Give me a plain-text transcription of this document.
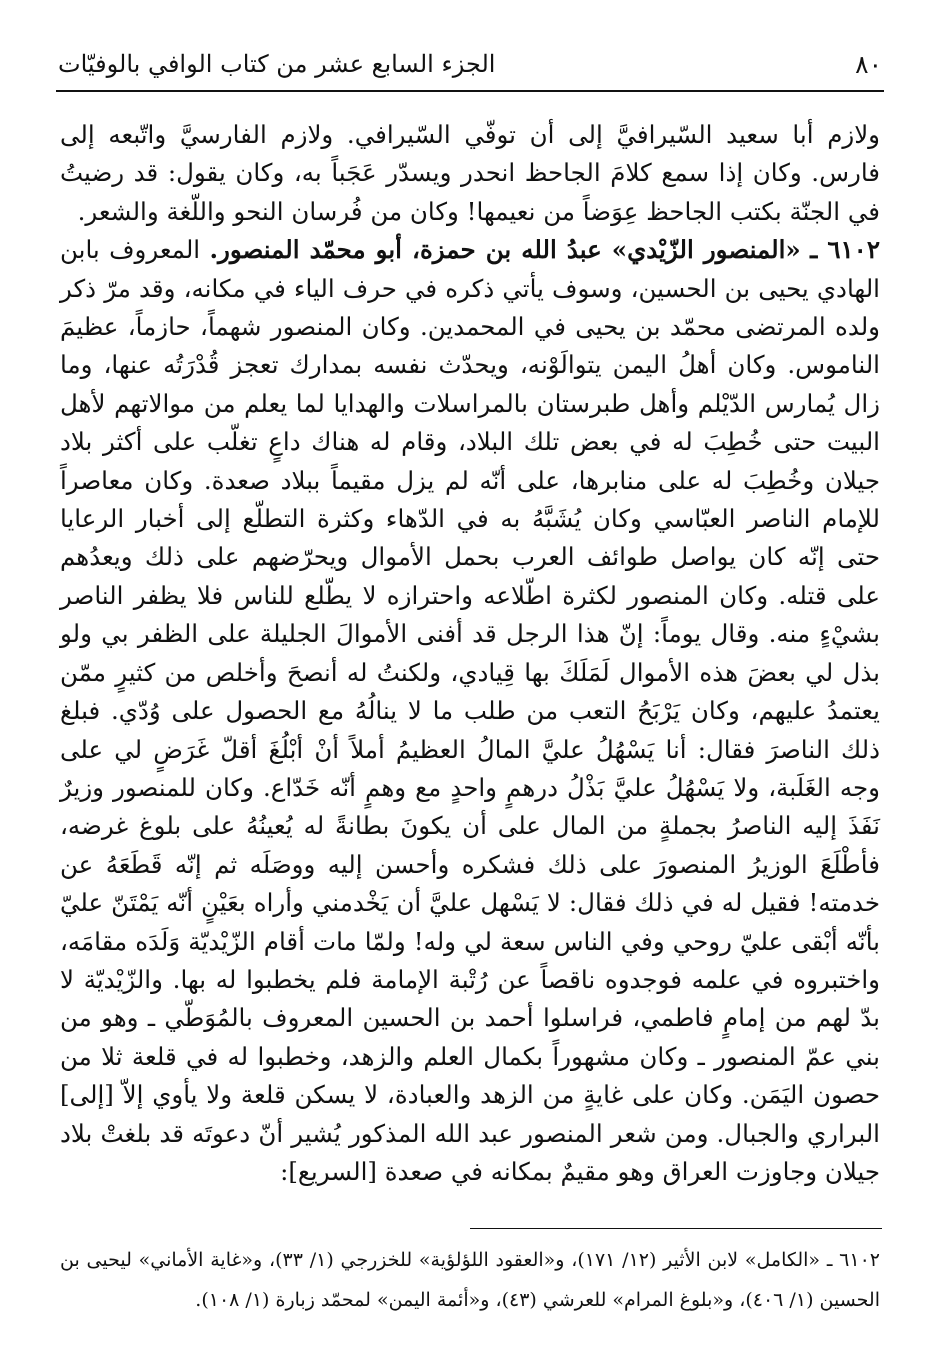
٨٠
الجزء السابع عشر من كتاب الوافي بالوفيّات

ولازم أبا سعيد السّيرافيَّ إلى أن توفّي السّيرافي. ولازم الفارسيَّ واتّبعه إلى فارس. وكان إذا سمع كلامَ الجاحظ انحدر ويسدّر عَجَباً به، وكان يقول: قد رضيتُ في الجنّة بكتب الجاحظ عِوَضاً من نعيمها! وكان من فُرسان النحو واللّغة والشعر.

٦١٠٢ ـ «المنصور الزّيْدي» عبدُ الله بن حمزة، أبو محمّد المنصور. المعروف بابن الهادي يحيى بن الحسين، وسوف يأتي ذكره في حرف الياء في مكانه، وقد مرّ ذكر ولده المرتضى محمّد بن يحيى في المحمدين. وكان المنصور شهماً، حازماً، عظيمَ الناموس. وكان أهلُ اليمن يتوالَوْنه، ويحدّث نفسه بمدارك تعجز قُدْرَتُه عنها، وما زال يُمارس الدّيْلم وأهل طبرستان بالمراسلات والهدايا لما يعلم من موالاتهم لأهل البيت حتى خُطِبَ له في بعض تلك البلاد، وقام له هناك داعٍ تغلّب على أكثر بلاد جيلان وخُطِبَ له على منابرها، على أنّه لم يزل مقيماً ببلاد صعدة. وكان معاصراً للإمام الناصر العبّاسي وكان يُشَبَّهُ به في الدّهاء وكثرة التطلّع إلى أخبار الرعايا حتى إنّه كان يواصل طوائف العرب بحمل الأموال ويحرّضهم على ذلك ويعدُهم على قتله. وكان المنصور لكثرة اطّلاعه واحترازه لا يطّلع للناس فلا يظفر الناصر بشيْءٍ منه. وقال يوماً: إنّ هذا الرجل قد أفنى الأموالَ الجليلة على الظفر بي ولو بذل لي بعضَ هذه الأموال لَمَلَكَ بها قِيادي، ولكنتُ له أنصحَ وأخلص من كثيرٍ ممّن يعتمدُ عليهم، وكان يَرْبَحُ التعب من طلب ما لا ينالُهُ مع الحصول على وُدّي. فبلغ ذلك الناصرَ فقال: أنا يَسْهُلُ عليَّ المالُ العظيمُ أملاً أنْ أبْلُغَ أقلّ غَرَضٍ لي على وجه الغَلَبة، ولا يَسْهُلُ عليَّ بَذْلُ درهمٍ واحدٍ مع وهمٍ أنّه خَدّاع. وكان للمنصور وزيرٌ نَفَذَ إليه الناصرُ بجملةٍ من المال على أن يكونَ بطانةً له يُعينُهُ على بلوغ غرضه، فأطْلَعَ الوزيرُ المنصورَ على ذلك فشكره وأحسن إليه ووصَلَه ثم إنّه قَطَعَهُ عن خدمته! فقيل له في ذلك فقال: لا يَسْهل عليَّ أن يَخْدمني وأراه بعَيْنٍ أنّه يَمْتَنّ عليّ بأنّه أبْقى عليّ روحي وفي الناس سعة لي وله! ولمّا مات أقام الزّيْديّة وَلَدَه مقامَه، واختبروه في علمه فوجدوه ناقصاً عن رُتْبة الإمامة فلم يخطبوا له بها. والزّيْديّة لا بدّ لهم من إمامٍ فاطمي، فراسلوا أحمد بن الحسين المعروف بالمُوَطّي ـ وهو من بني عمّ المنصور ـ وكان مشهوراً بكمال العلم والزهد، وخطبوا له في قلعة ثلا من حصون اليَمَن. وكان على غايةٍ من الزهد والعبادة، لا يسكن قلعة ولا يأوي إلاّ [إلى] البراري والجبال. ومن شعر المنصور عبد الله المذكور يُشير أنّ دعوتَه قد بلغتْ بلاد جيلان وجاوزت العراق وهو مقيمٌ بمكانه في صعدة [السريع]:

٦١٠٢ ـ «الكامل» لابن الأثير (١٢/ ١٧١)، و«العقود اللؤلؤية» للخزرجي (١/ ٣٣)، و«غاية الأماني» ليحيى بن الحسين (١/ ٤٠٦)، و«بلوغ المرام» للعرشي (٤٣)، و«أئمة اليمن» لمحمّد زبارة (١/ ١٠٨).
